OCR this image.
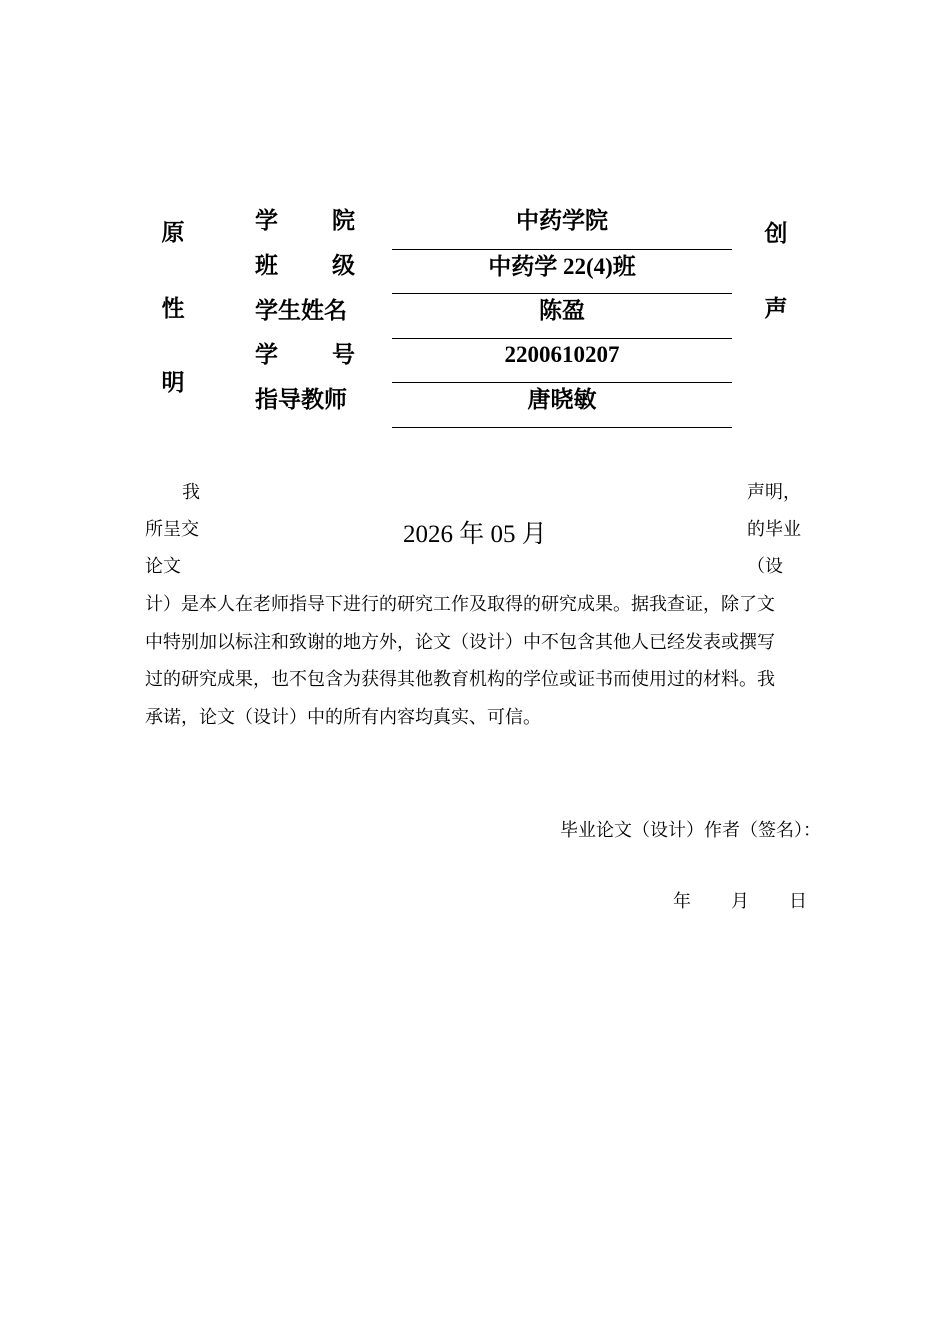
原
性
明
创
声
学 院	中药学院
班 级	中药学 22(4)班
学生姓名	陈盈
学 号	2200610207
指导教师	唐晓敏
我
所呈交
论文
2026 年 05 月
声明，
的毕业
（设
计）是本人在老师指导下进行的研究工作及取得的研究成果。据我查证，除了文
中特别加以标注和致谢的地方外，论文（设计）中不包含其他人已经发表或撰写
过的研究成果，也不包含为获得其他教育机构的学位或证书而使用过的材料。我
承诺，论文（设计）中的所有内容均真实、可信。
毕业论文（设计）作者（签名）：
年 月 日
